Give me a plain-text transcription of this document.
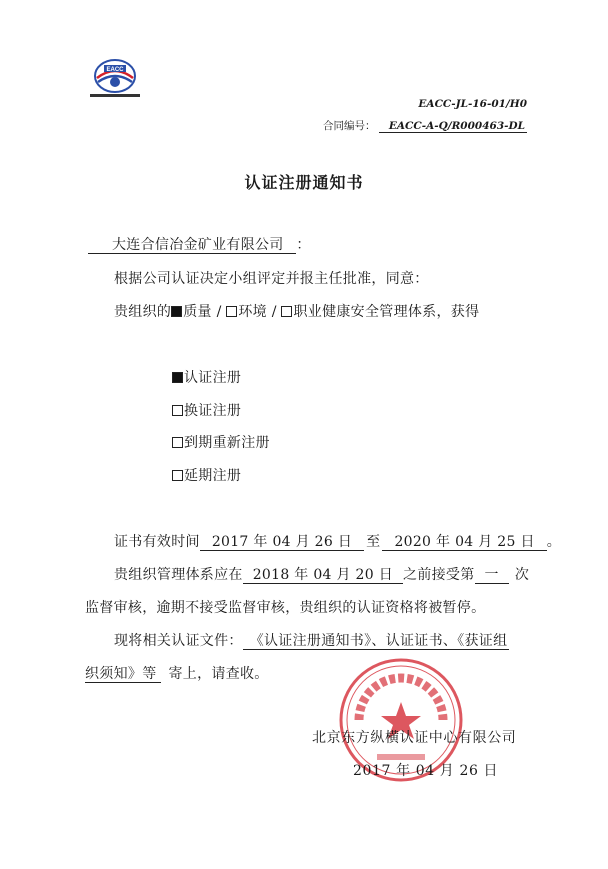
EACC
EACC-JL-16-01/H0
合同编号： EACC-A-Q/R000463-DL
认证注册通知书
大连合信冶金矿业有限公司 ：
根据公司认证决定小组评定并报主任批准，同意：
贵组织的 质量 / 环境 / 职业健康安全管理体系，获得
认证注册
换证注册
到期重新注册
延期注册
证书有效时间 2017 年 04 月 26 日 至 2020 年 04 月 25 日 。
贵组织管理体系应在 2018 年 04 月 20 日 之前接受第 一 次
监督审核，逾期不接受监督审核，贵组织的认证资格将被暂停。
现将相关认证文件： 《认证注册通知书》、认证证书、《获证组
织须知》等 寄上，请查收。
北京东方纵横认证中心有限公司
2017 年 04 月 26 日
